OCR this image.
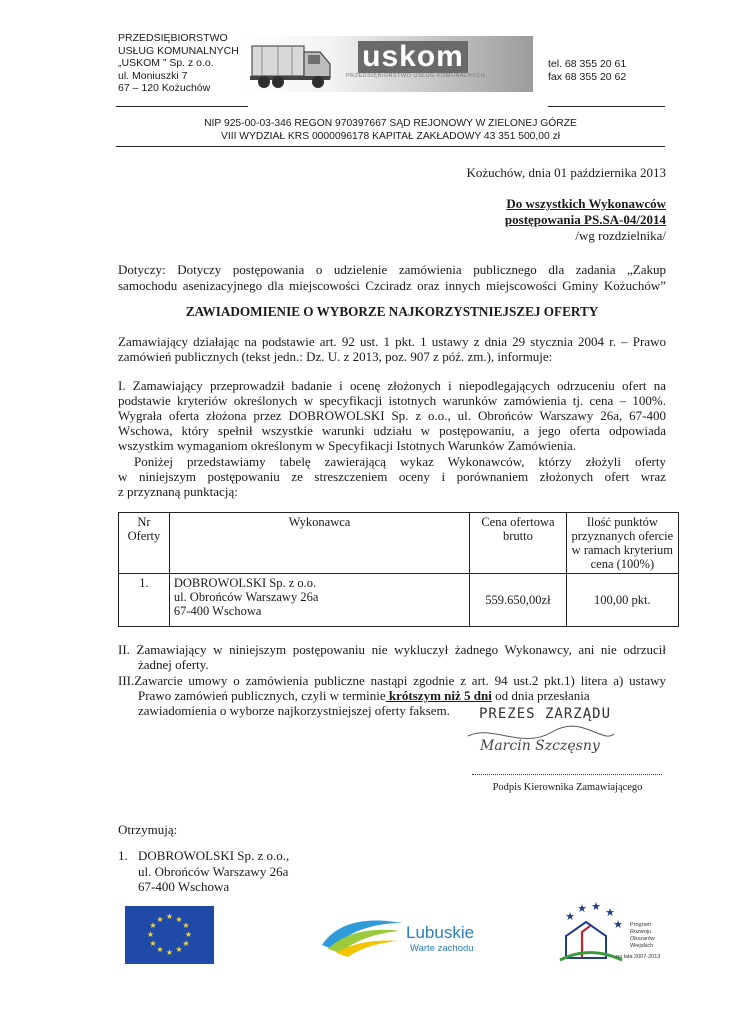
PRZEDSIĘBIORSTWO
USŁUG KOMUNALNYCH
„USKOM ” Sp. z o.o.
ul. Moniuszki 7
67 – 120 Kożuchów
uskom
PRZEDSIĘBIORSTWO USŁUG KOMUNALNYCH
tel. 68 355 20 61
fax 68 355 20 62
NIP 925-00-03-346 REGON 970397667 SĄD REJONOWY W ZIELONEJ GÓRZE
VIII WYDZIAŁ KRS 0000096178 KAPITAŁ ZAKŁADOWY 43 351 500,00 zł
Kożuchów, dnia 01 października 2013
Do wszystkich Wykonawców
postępowania PS.SA-04/2014
/wg rozdzielnika/
Dotyczy: Dotyczy postępowania o udzielenie zamówienia publicznego dla zadania „Zakup
samochodu asenizacyjnego dla miejscowości Czciradz oraz innych miejscowości Gminy Kożuchów”
ZAWIADOMIENIE O WYBORZE NAJKORZYSTNIEJSZEJ OFERTY
Zamawiający działając na podstawie art. 92 ust. 1 pkt. 1 ustawy z dnia 29 stycznia 2004 r. – Prawo
zamówień publicznych (tekst jedn.: Dz. U. z 2013, poz. 907 z póź. zm.), informuje:
I. Zamawiający przeprowadził badanie i ocenę złożonych i niepodlegających odrzuceniu ofert na
podstawie kryteriów określonych w specyfikacji istotnych warunków zamówienia tj. cena – 100%.
Wygrała oferta złożona przez DOBROWOLSKI Sp. z o.o., ul. Obrońców Warszawy 26a, 67-400
Wschowa, który spełnił wszystkie warunki udziału w postępowaniu, a jego oferta odpowiada
wszystkim wymaganiom określonym w Specyfikacji Istotnych Warunków Zamówienia.
Poniżej przedstawiamy tabelę zawierającą wykaz Wykonawców, którzy złożyli oferty
w niniejszym postępowaniu ze streszczeniem oceny i porównaniem złożonych ofert wraz
z przyznaną punktacją:
Nr Oferty	Wykonawca	Cena ofertowa brutto	Ilość punktów przyznanych ofercie w ramach kryterium cena (100%)
1.	DOBROWOLSKI Sp. z o.o.
ul. Obrońców Warszawy 26a
67-400 Wschowa	559.650,00zł	100,00 pkt.
II. Zamawiający w niniejszym postępowaniu nie wykluczył żadnego Wykonawcy, ani nie odrzucił
żadnej oferty.
III.Zawarcie umowy o zamówienia publiczne nastąpi zgodnie z art. 94 ust.2 pkt.1) litera a) ustawy
Prawo zamówień publicznych, czyli w terminie krótszym niż 5 dni od dnia przesłania
zawiadomienia o wyborze najkorzystniejszej oferty faksem.	PREZES ZARZĄDU
Marcin Szczęsny
Podpis Kierownika Zamawiającego
Otrzymują:
1. DOBROWOLSKI Sp. z o.o.,
ul. Obrońców Warszawy 26a
67-400 Wschowa
★ ★
★
★
★
★
★
★
★
★
★
★
Lubuskie
Warte zachodu
★
★ ★ ★
★ Program
Rozwoju
Obszarów
Wiejskich
na lata 2007-2013
